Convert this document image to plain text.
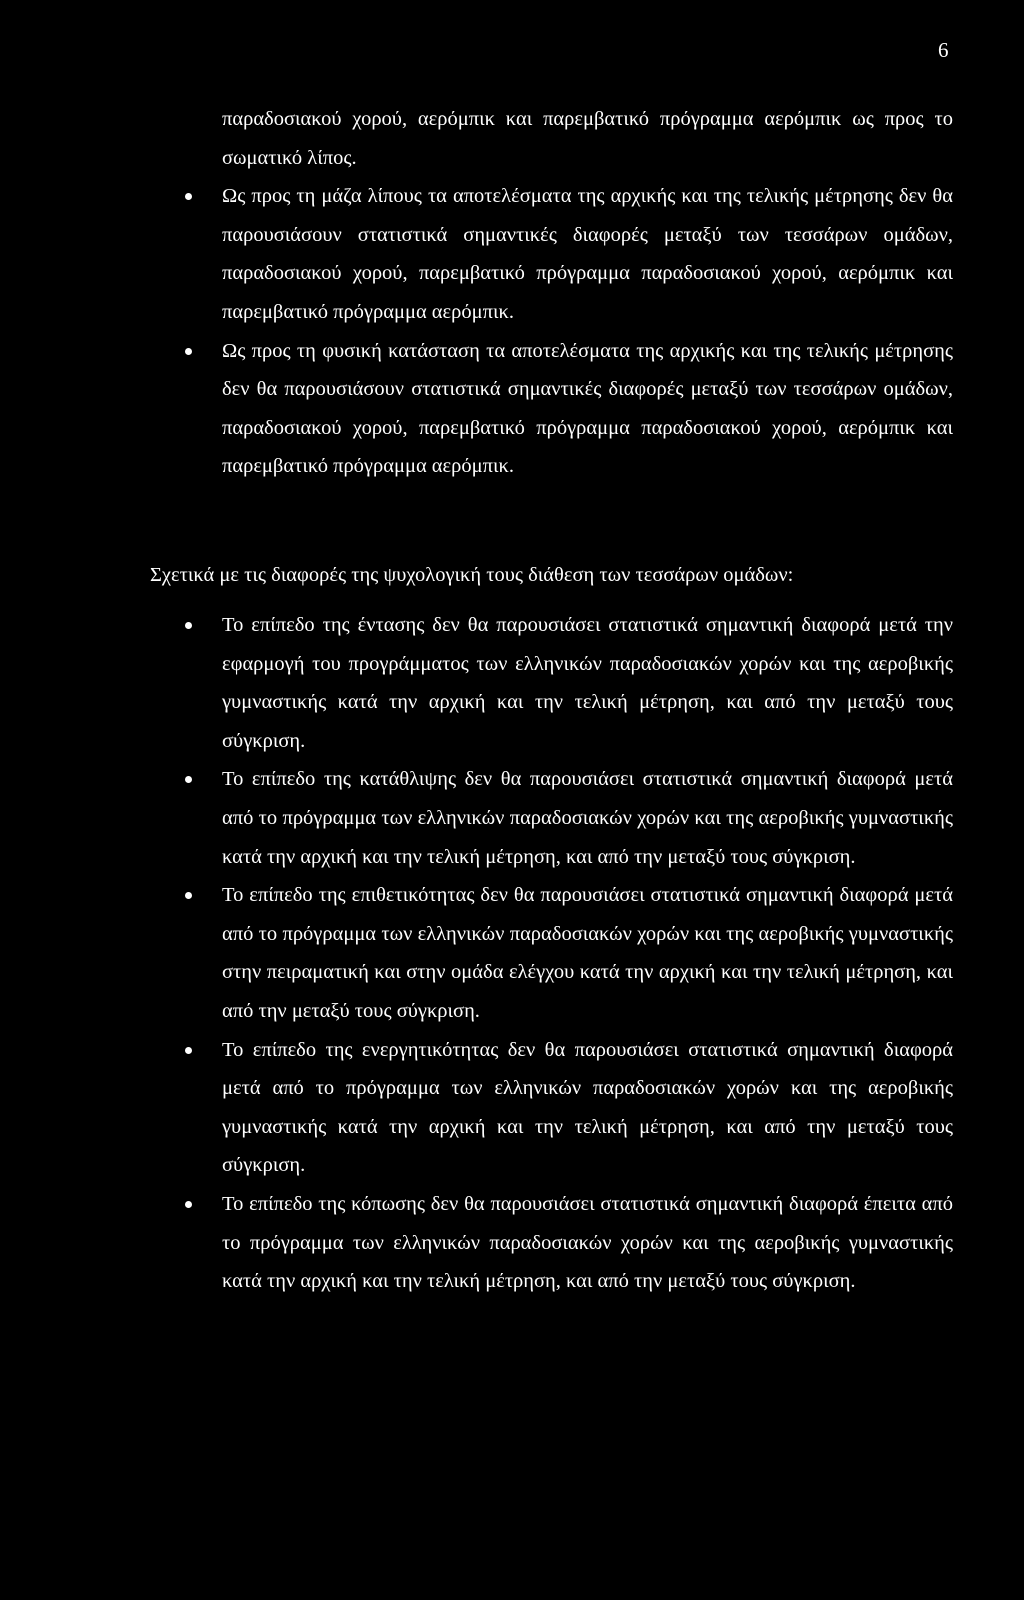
6
παραδοσιακού χορού, αερόμπικ και παρεμβατικό πρόγραμμα αερόμπικ ως προς το σωματικό λίπος.
Ως προς τη μάζα λίπους τα αποτελέσματα της αρχικής και της τελικής μέτρησης δεν θα παρουσιάσουν στατιστικά σημαντικές διαφορές μεταξύ των τεσσάρων ομάδων, παραδοσιακού χορού, παρεμβατικό πρόγραμμα παραδοσιακού χορού, αερόμπικ και παρεμβατικό πρόγραμμα αερόμπικ.
Ως προς τη φυσική κατάσταση τα αποτελέσματα της αρχικής και της τελικής μέτρησης δεν θα παρουσιάσουν στατιστικά σημαντικές διαφορές μεταξύ των τεσσάρων ομάδων, παραδοσιακού χορού, παρεμβατικό πρόγραμμα παραδοσιακού χορού, αερόμπικ και παρεμβατικό πρόγραμμα αερόμπικ.
Σχετικά με τις διαφορές της ψυχολογική τους διάθεση των τεσσάρων ομάδων:
Το επίπεδο της έντασης δεν θα παρουσιάσει στατιστικά σημαντική διαφορά μετά την εφαρμογή του προγράμματος των ελληνικών παραδοσιακών χορών και της αεροβικής γυμναστικής κατά την αρχική και την τελική μέτρηση, και από την μεταξύ τους σύγκριση.
Το επίπεδο της κατάθλιψης δεν θα παρουσιάσει στατιστικά σημαντική διαφορά μετά από το πρόγραμμα των ελληνικών παραδοσιακών χορών και της αεροβικής γυμναστικής κατά την αρχική και την τελική μέτρηση, και από την μεταξύ τους σύγκριση.
Το επίπεδο της επιθετικότητας δεν θα παρουσιάσει στατιστικά σημαντική διαφορά μετά από το πρόγραμμα των ελληνικών παραδοσιακών χορών και της αεροβικής γυμναστικής στην πειραματική και στην ομάδα ελέγχου κατά την αρχική και την τελική μέτρηση, και από την μεταξύ τους σύγκριση.
Το επίπεδο της ενεργητικότητας δεν θα παρουσιάσει στατιστικά σημαντική διαφορά μετά από το πρόγραμμα των ελληνικών παραδοσιακών χορών και της αεροβικής γυμναστικής κατά την αρχική και την τελική μέτρηση, και από την μεταξύ τους σύγκριση.
Το επίπεδο της κόπωσης δεν θα παρουσιάσει στατιστικά σημαντική διαφορά έπειτα από το πρόγραμμα των ελληνικών παραδοσιακών χορών και της αεροβικής γυμναστικής κατά την αρχική και την τελική μέτρηση, και από την μεταξύ τους σύγκριση.
